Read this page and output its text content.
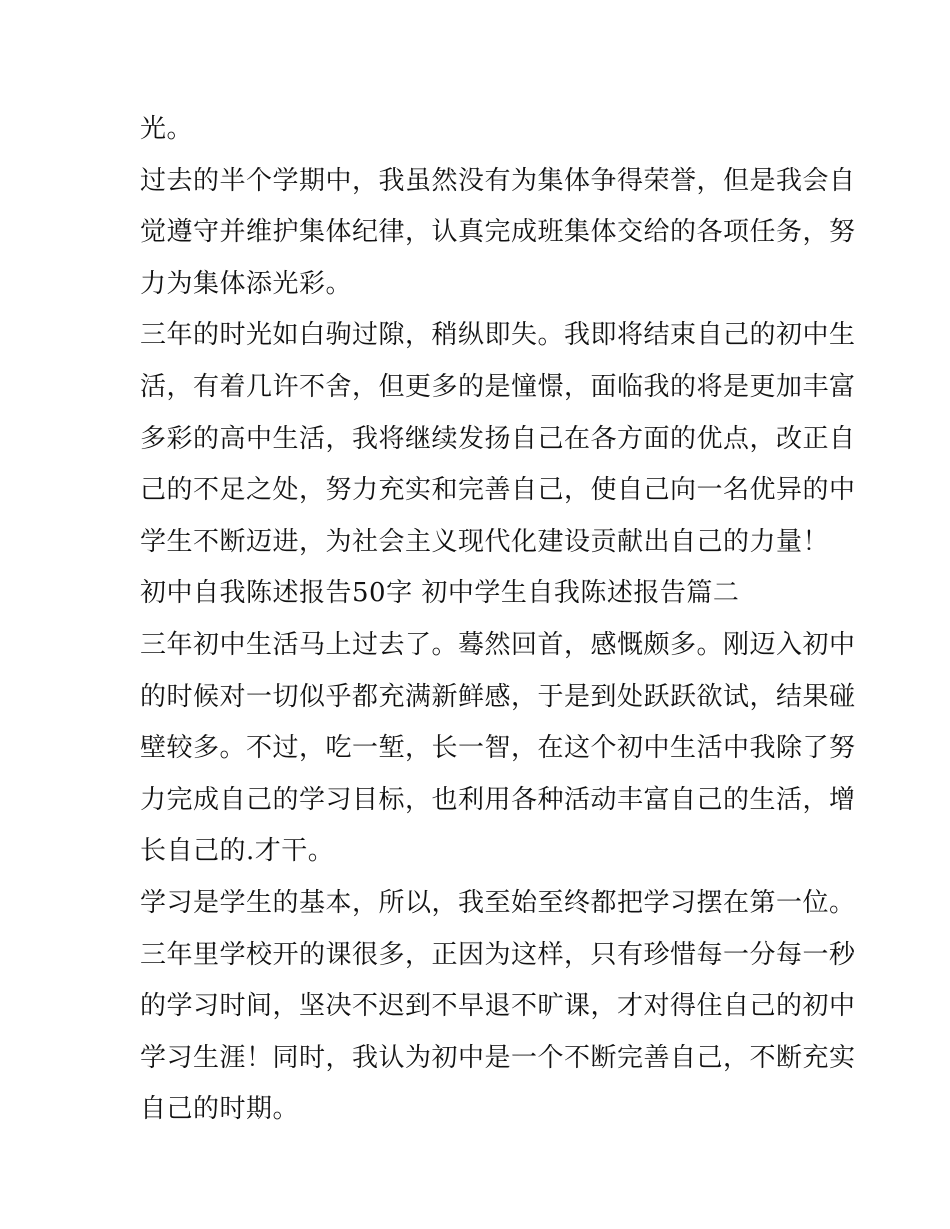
光。
过去的半个学期中，我虽然没有为集体争得荣誉，但是我会自
觉遵守并维护集体纪律，认真完成班集体交给的各项任务，努
力为集体添光彩。
三年的时光如白驹过隙，稍纵即失。我即将结束自己的初中生
活，有着几许不舍，但更多的是憧憬，面临我的将是更加丰富
多彩的高中生活，我将继续发扬自己在各方面的优点，改正自
己的不足之处，努力充实和完善自己，使自己向一名优异的中
学生不断迈进，为社会主义现代化建设贡献出自己的力量！
初中自我陈述报告50字 初中学生自我陈述报告篇二
三年初中生活马上过去了。蓦然回首，感慨颇多。刚迈入初中
的时候对一切似乎都充满新鲜感，于是到处跃跃欲试，结果碰
壁较多。不过，吃一堑，长一智，在这个初中生活中我除了努
力完成自己的学习目标，也利用各种活动丰富自己的生活，增
长自己的.才干。
学习是学生的基本，所以，我至始至终都把学习摆在第一位。
三年里学校开的课很多，正因为这样，只有珍惜每一分每一秒
的学习时间，坚决不迟到不早退不旷课，才对得住自己的初中
学习生涯！同时，我认为初中是一个不断完善自己，不断充实
自己的时期。
